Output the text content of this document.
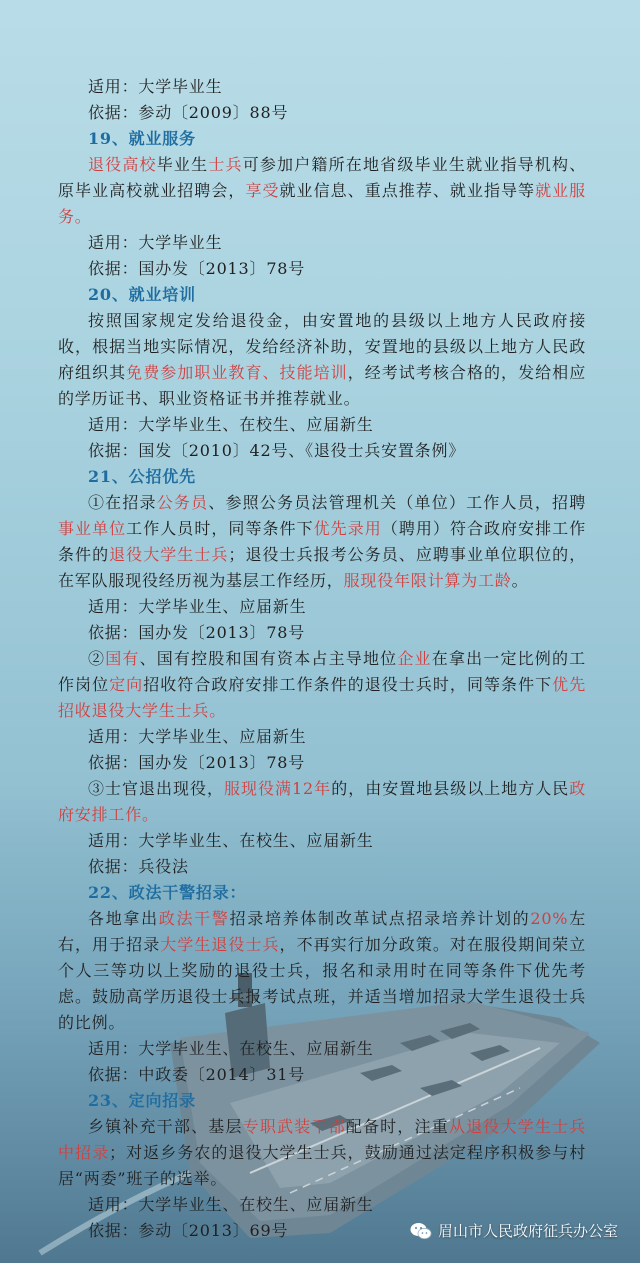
适用：大学毕业生
依据：参动〔2009〕88号
19、就业服务
退役高校毕业生士兵可参加户籍所在地省级毕业生就业指导机构、原毕业高校就业招聘会，享受就业信息、重点推荐、就业指导等就业服务。
适用：大学毕业生
依据：国办发〔2013〕78号
20、就业培训
按照国家规定发给退役金，由安置地的县级以上地方人民政府接收，根据当地实际情况，发给经济补助，安置地的县级以上地方人民政府组织其免费参加职业教育、技能培训，经考试考核合格的，发给相应的学历证书、职业资格证书并推荐就业。
适用：大学毕业生、在校生、应届新生
依据：国发〔2010〕42号、《退役士兵安置条例》
21、公招优先
①在招录公务员、参照公务员法管理机关（单位）工作人员，招聘事业单位工作人员时，同等条件下优先录用（聘用）符合政府安排工作条件的退役大学生士兵；退役士兵报考公务员、应聘事业单位职位的，在军队服现役经历视为基层工作经历，服现役年限计算为工龄。
适用：大学毕业生、应届新生
依据：国办发〔2013〕78号
②国有、国有控股和国有资本占主导地位企业在拿出一定比例的工作岗位定向招收符合政府安排工作条件的退役士兵时，同等条件下优先招收退役大学生士兵。
适用：大学毕业生、应届新生
依据：国办发〔2013〕78号
③士官退出现役，服现役满12年的，由安置地县级以上地方人民政府安排工作。
适用：大学毕业生、在校生、应届新生
依据：兵役法
22、政法干警招录：
各地拿出政法干警招录培养体制改革试点招录培养计划的20%左右，用于招录大学生退役士兵，不再实行加分政策。对在服役期间荣立个人三等功以上奖励的退役士兵，报名和录用时在同等条件下优先考虑。鼓励高学历退役士兵报考试点班，并适当增加招录大学生退役士兵的比例。
适用：大学毕业生、在校生、应届新生
依据：中政委〔2014〕31号
23、定向招录
乡镇补充干部、基层专职武装干部配备时，注重从退役大学生士兵中招录；对返乡务农的退役大学生士兵，鼓励通过法定程序积极参与村居“两委”班子的选举。
适用：大学毕业生、在校生、应届新生
依据：参动〔2013〕69号	眉山市人民政府征兵办公室
